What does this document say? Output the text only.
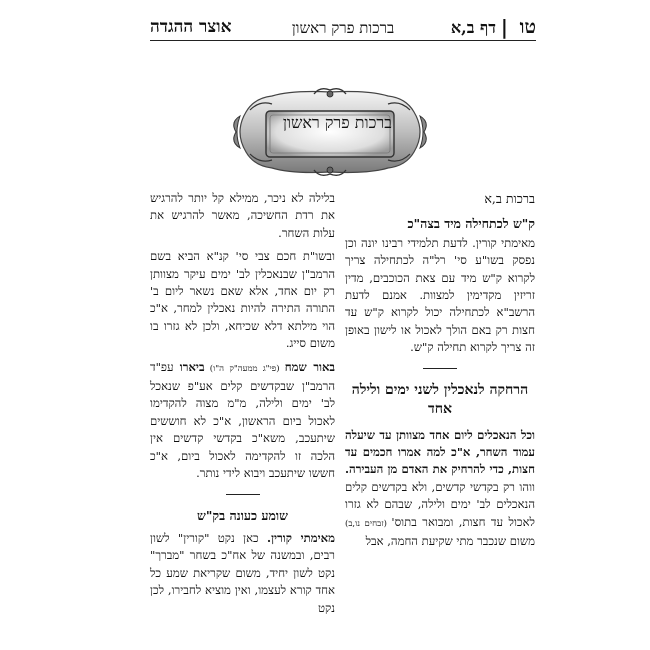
טו
|
דף ב,א
ברכות פרק ראשון
אוצר ההגדה
ברכות פרק ראשון
ברכות ב,א
ק"ש לכתחילה מיד בצה"כ

מאימתי קורין. לדעת תלמידי רבינו יונה וכן נפסק בשו"ע סי' רל"ה לכתחילה צריך לקרוא ק"ש מיד עם צאת הכוכבים, מדין זריזין מקדימין למצוות. אמנם לדעת הרשב"א לכתחילה יכול לקרוא ק"ש עד חצות רק באם הולך לאכול או לישון באופן זה צריך לקרוא תחילה ק"ש.

הרחקה לנאכלין לשני ימים ולילה אחד

וכל הנאכלים ליום אחד מצוותן עד שיעלה עמוד השחר, א"כ למה אמרו חכמים עד חצות, כדי להרחיק את האדם מן העבירה. ווהו רק בקדשי קדשים, ולא בקדשים קלים הנאכלים לב' ימים ולילה, שבהם לא גזרו לאכול עד חצות, ומבואר בתוס' (זבחים נו,ב) משום שנכבר מתי שקיעת החמה, אבל

בלילה לא ניכר, ממילא קל יותר להרגיש את רדת החשיכה, מאשר להרגיש את עלות השחר.

ובשו"ת חכם צבי סי' קנ"א הביא בשם הרמב"ן שבנאכלין לב' ימים עיקר מצוותן רק יום אחד, אלא שאם נשאר ליום ב' התורה התירה להיות נאכלין למחר, א"כ הוי מילתא דלא שכיחא, ולכן לא גזרו בו משום סייג.

באור שמח (פי"ג ממעה"ק ה"ו) ביארו עפ"ד הרמב"ן שבקדשים קלים אע"פ שנאכל לב' ימים ולילה, מ"מ מצוה להקדימו לאכול ביום הראשון, א"כ לא חוששים שיתעכב, משא"כ בקדשי קדשים אין הלכה זו להקדימה לאכול ביום, א"כ חששו שיתעכב ויבוא לידי נותר.

שומע כעונה בק"ש

מאימתי קורין. כאן נקט "קורין" לשון רבים, ובמשנה של אח"כ בשחר "מברך" נקט לשון יחיד, משום שקריאת שמע כל אחד קורא לעצמו, ואין מוציא לחבירו, לכן נקט
